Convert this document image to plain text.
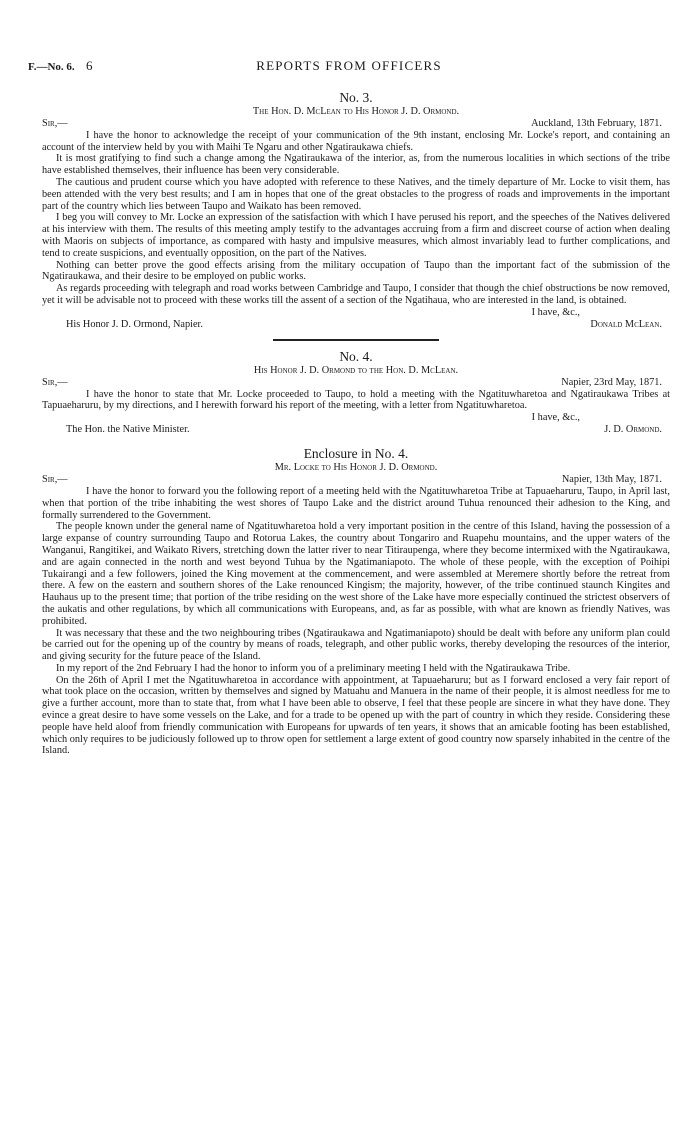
F.—No. 6. 6	REPORTS FROM OFFICERS
No. 3.
The Hon. D. McLean to His Honor J. D. Ormond.
Sir,—	Auckland, 13th February, 1871.

I have the honor to acknowledge the receipt of your communication of the 9th instant, enclosing Mr. Locke's report, and containing an account of the interview held by you with Maihi Te Ngaru and other Ngatiraukawa chiefs.

It is most gratifying to find such a change among the Ngatiraukawa of the interior, as, from the numerous localities in which sections of the tribe have established themselves, their influence has been very considerable.

The cautious and prudent course which you have adopted with reference to these Natives, and the timely departure of Mr. Locke to visit them, has been attended with the very best results; and I am in hopes that one of the great obstacles to the progress of roads and improvements in the important part of the country which lies between Taupo and Waikato has been removed.

I beg you will convey to Mr. Locke an expression of the satisfaction with which I have perused his report, and the speeches of the Natives delivered at his interview with them. The results of this meeting amply testify to the advantages accruing from a firm and discreet course of action when dealing with Maoris on subjects of importance, as compared with hasty and impulsive measures, which almost invariably lead to further complications, and tend to create suspicions, and eventually opposition, on the part of the Natives.

Nothing can better prove the good effects arising from the military occupation of Taupo than the important fact of the submission of the Ngatiraukawa, and their desire to be employed on public works.

As regards proceeding with telegraph and road works between Cambridge and Taupo, I consider that though the chief obstructions be now removed, yet it will be advisable not to proceed with these works till the assent of a section of the Ngatihaua, who are interested in the land, is obtained.

I have, &c.,
His Honor J. D. Ormond, Napier.	Donald McLean.
No. 4.
His Honor J. D. Ormond to the Hon. D. McLean.
Sir,—	Napier, 23rd May, 1871.

I have the honor to state that Mr. Locke proceeded to Taupo, to hold a meeting with the Ngatituwharetoa and Ngatiraukawa Tribes at Tapuaeharuru, by my directions, and I herewith forward his report of the meeting, with a letter from Ngatituwharetoa.

I have, &c.,
The Hon. the Native Minister.	J. D. Ormond.
Enclosure in No. 4.
Mr. Locke to His Honor J. D. Ormond.
Sir,—	Napier, 13th May, 1871.

I have the honor to forward you the following report of a meeting held with the Ngatituwharetoa Tribe at Tapuaeharuru, Taupo, in April last, when that portion of the tribe inhabiting the west shores of Taupo Lake and the district around Tuhua renounced their adhesion to the King, and formally surrendered to the Government.

The people known under the general name of Ngatituwharetoa hold a very important position in the centre of this Island, having the possession of a large expanse of country surrounding Taupo and Rotorua Lakes, the country about Tongariro and Ruapehu mountains, and the upper waters of the Wanganui, Rangitikei, and Waikato Rivers, stretching down the latter river to near Titiraupenga, where they become intermixed with the Ngatiraukawa, and are again connected in the north and west beyond Tuhua by the Ngatimaniapoto. The whole of these people, with the exception of Poihipi Tukairangi and a few followers, joined the King movement at the commencement, and were assembled at Meremere shortly before the retreat from there. A few on the eastern and southern shores of the Lake renounced Kingism; the majority, however, of the tribe continued staunch Kingites and Hauhaus up to the present time; that portion of the tribe residing on the west shore of the Lake have more especially continued the strictest observers of the aukatis and other regulations, by which all communications with Europeans, and, as far as possible, with what are known as friendly Natives, was prohibited.

It was necessary that these and the two neighbouring tribes (Ngatiraukawa and Ngatimaniapoto) should be dealt with before any uniform plan could be carried out for the opening up of the country by means of roads, telegraph, and other public works, thereby developing the resources of the interior, and giving security for the future peace of the Island.

In my report of the 2nd February I had the honor to inform you of a preliminary meeting I held with the Ngatiraukawa Tribe.

On the 26th of April I met the Ngatituwharetoa in accordance with appointment, at Tapuaeharuru; but as I forward enclosed a very fair report of what took place on the occasion, written by themselves and signed by Matuahu and Manuera in the name of their people, it is almost needless for me to give a further account, more than to state that, from what I have been able to observe, I feel that these people are sincere in what they have done. They evince a great desire to have some vessels on the Lake, and for a trade to be opened up with the part of country in which they reside. Considering these people have held aloof from friendly communication with Europeans for upwards of ten years, it shows that an amicable footing has been established, which only requires to be judiciously followed up to throw open for settlement a large extent of good country now sparsely inhabited in the centre of the Island.
